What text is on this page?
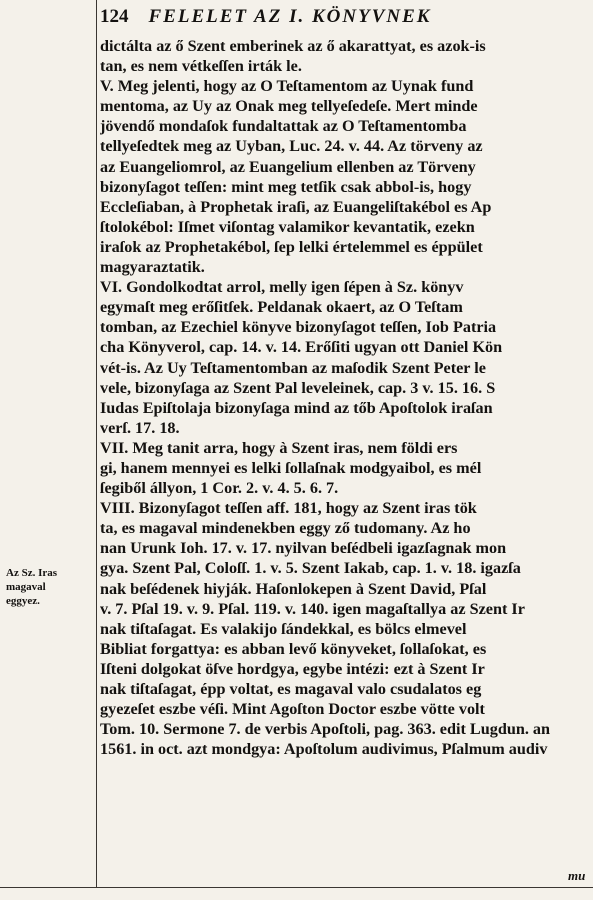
124 FELELET AZ I. KÖNYVNEK
Az Sz. Iras
magaval
eggyez.
dictálta az ő Szent emberinek az ő akarattyat, es azok-is
tan, es nem vétkeſſen irták le.
V. Meg jelenti, hogy az O Teſtamentom az Uynak fund
mentoma, az Uy az Onak meg tellyeſedeſe. Mert minde
jövendő mondaſok fundaltattak az O Teſtamentomba
tellyeſedtek meg az Uyban, Luc. 24. v. 44. Az törveny az
az Euangeliomrol, az Euangelium ellenben az Törveny
bizonyſagot teſſen: mint meg tetſik csak abbol-is, hogy
Eccleſiaban, à Prophetak iraſi, az Euangeliſtakébol es Ap
ſtolokébol: Iſmet viſontag valamikor kevantatik, ezekn
iraſok az Prophetakébol, ſep lelki értelemmel es éppület
magyaraztatik.
VI. Gondolkodtat arrol, melly igen ſépen à Sz. könyv
egymaſt meg erőſitſek. Peldanak okaert, az O Teſtam
tomban, az Ezechiel könyve bizonyſagot teſſen, Iob Patria
cha Könyverol, cap. 14. v. 14. Erőſiti ugyan ott Daniel Kön
vét-is. Az Uy Teſtamentomban az maſodik Szent Peter le
vele, bizonyſaga az Szent Pal leveleinek, cap. 3 v. 15. 16. S
Iudas Epiſtolaja bizonyſaga mind az tőb Apoſtolok iraſan
verſ. 17. 18.
VII. Meg tanit arra, hogy à Szent iras, nem földi ers
gi, hanem mennyei es lelki ſollaſnak modgyaibol, es mél
ſegiből állyon, 1 Cor. 2. v. 4. 5. 6. 7.
VIII. Bizonyſagot teſſen aff. 181, hogy az Szent iras tök
ta, es magaval mindenekben eggy ző tudomany. Az ho
nan Urunk Ioh. 17. v. 17. nyilvan beſédbeli igazſagnak mon
gya. Szent Pal, Coloſſ. 1. v. 5. Szent Iakab, cap. 1. v. 18. igazſa
nak beſédenek hiyják. Haſonlokepen à Szent David, Pſal
v. 7. Pſal 19. v. 9. Pſal. 119. v. 140. igen magaſtallya az Szent Ir
nak tiſtaſagat. Es valakijo ſándekkal, es bölcs elmevel
Bibliat forgattya: es abban levő könyveket, ſollaſokat, es
Iſteni dolgokat öſve hordgya, egybe intézi: ezt à Szent Ir
nak tiſtaſagat, épp voltat, es magaval valo csudalatos eg
gyezeſet eszbe véſi. Mint Agoſton Doctor eszbe vötte volt
Tom. 10. Sermone 7. de verbis Apoſtoli, pag. 363. edit Lugdun. an
1561. in oct. azt mondgya: Apoſtolum audivimus, Pſalmum audiv
mu
